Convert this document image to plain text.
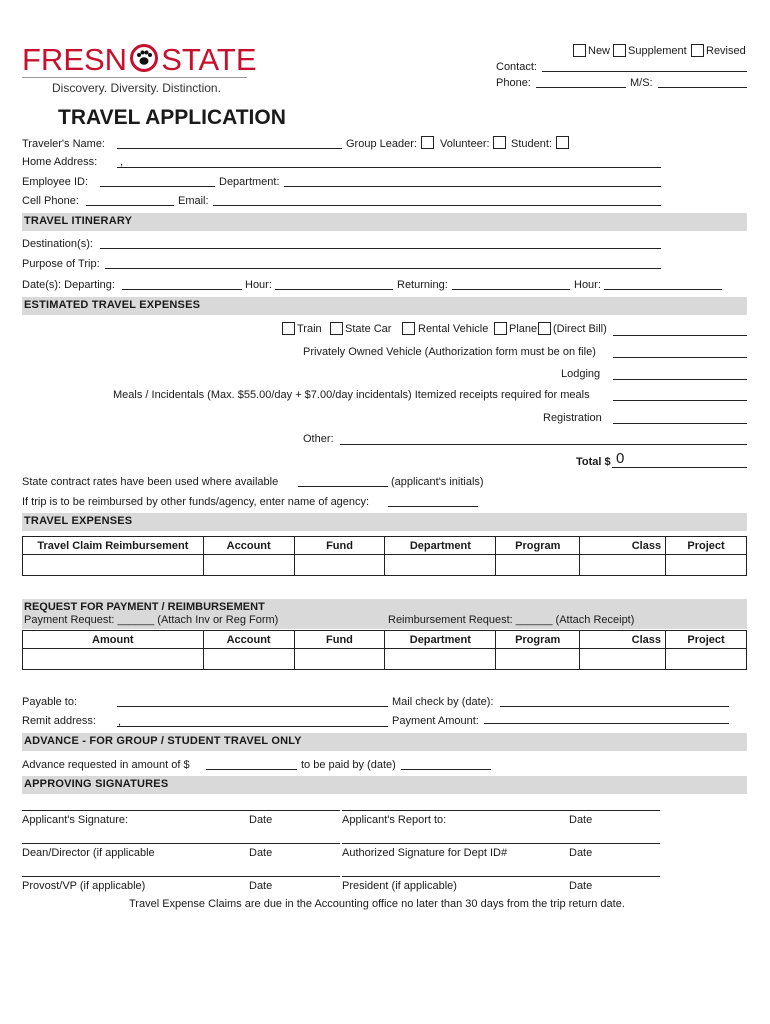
FRESN STATE
Discovery. Diversity. Distinction.
New Supplement Revised
Contact:
Phone:	M/S:
TRAVEL APPLICATION
Traveler's Name:	Group Leader: Volunteer: Student:
Home Address: ,
Employee ID:	Department:
Cell Phone:	Email:
TRAVEL ITINERARY
Destination(s):
Purpose of Trip:
Date(s): Departing:	Hour:	Returning:	Hour:
ESTIMATED TRAVEL EXPENSES
Train State Car Rental Vehicle Plane (Direct Bill)
Privately Owned Vehicle (Authorization form must be on file)
Lodging
Meals / Incidentals (Max. $55.00/day + $7.00/day incidentals) Itemized receipts required for meals
Registration
Other:
Total $ 0
State contract rates have been used where available	(applicant's initials)
If trip is to be reimbursed by other funds/agency, enter name of agency:
TRAVEL EXPENSES
Travel Claim Reimbursement	Account	Fund	Department	Program	Class	Project

REQUEST FOR PAYMENT / REIMBURSEMENT
Payment Request: ______ (Attach Inv or Reg Form)	Reimbursement Request: ______ (Attach Receipt)
Amount	Account	Fund	Department	Program	Class	Project

Payable to:	Mail check by (date):
Remit address: ,	Payment Amount:
ADVANCE - FOR GROUP / STUDENT TRAVEL ONLY
Advance requested in amount of $	to be paid by (date)
APPROVING SIGNATURES
Applicant's Signature:	Date	Applicant's Report to:	Date
Dean/Director (if applicable	Date	Authorized Signature for Dept ID#	Date
Provost/VP (if applicable)	Date	President (if applicable)	Date
Travel Expense Claims are due in the Accounting office no later than 30 days from the trip return date.
